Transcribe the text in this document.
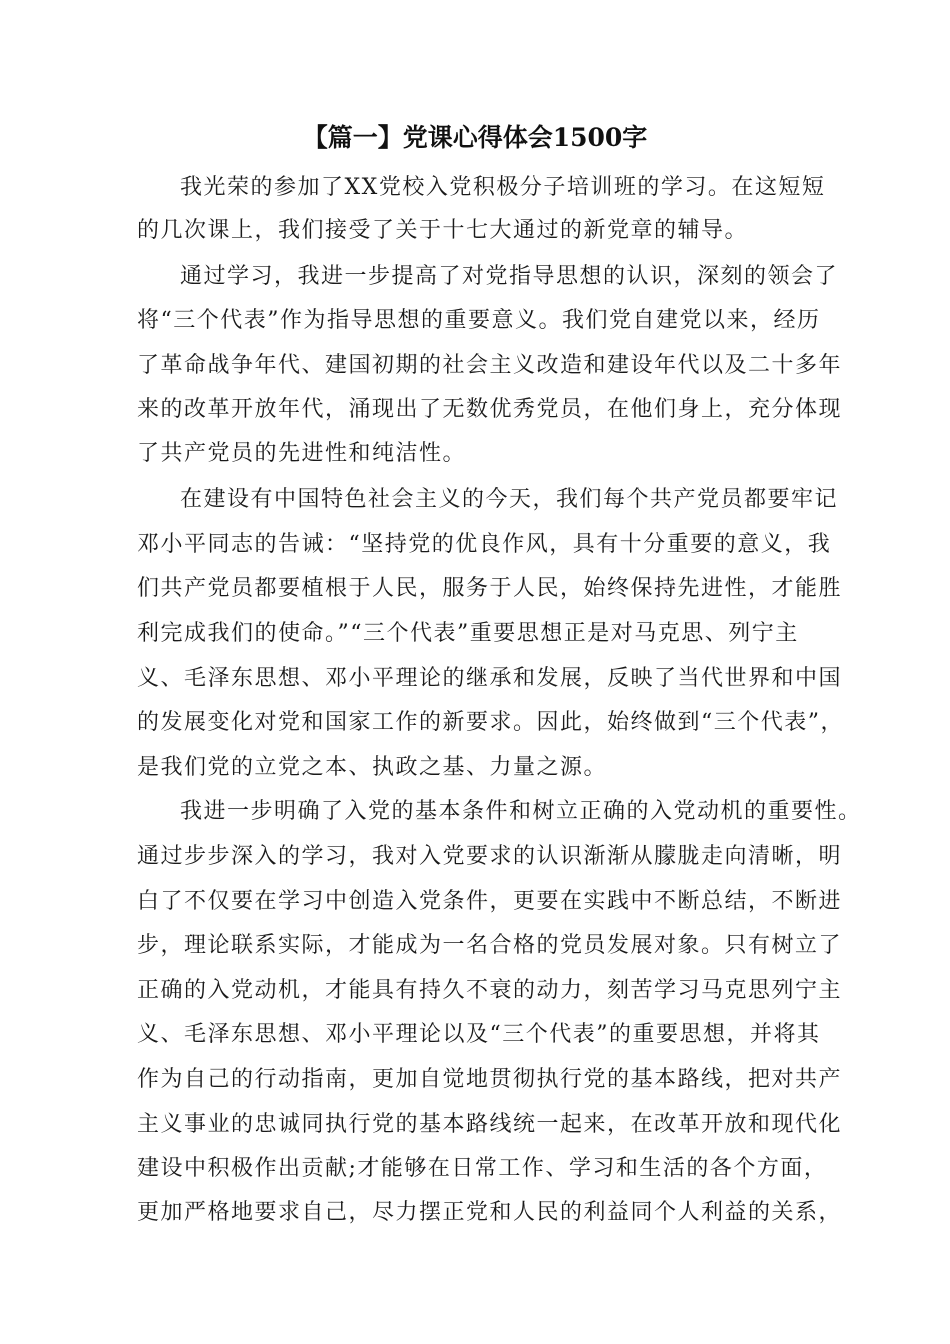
【篇一】党课心得体会1500字
我光荣的参加了XX党校入党积极分子培训班的学习。在这短短
的几次课上，我们接受了关于十七大通过的新党章的辅导。
通过学习，我进一步提高了对党指导思想的认识，深刻的领会了
将“三个代表”作为指导思想的重要意义。我们党自建党以来，经历
了革命战争年代、建国初期的社会主义改造和建设年代以及二十多年
来的改革开放年代，涌现出了无数优秀党员，在他们身上，充分体现
了共产党员的先进性和纯洁性。
在建设有中国特色社会主义的今天，我们每个共产党员都要牢记
邓小平同志的告诫：“坚持党的优良作风，具有十分重要的意义，我
们共产党员都要植根于人民，服务于人民，始终保持先进性，才能胜
利完成我们的使命。”“三个代表”重要思想正是对马克思、列宁主
义、毛泽东思想、邓小平理论的继承和发展，反映了当代世界和中国
的发展变化对党和国家工作的新要求。因此，始终做到“三个代表”，
是我们党的立党之本、执政之基、力量之源。
我进一步明确了入党的基本条件和树立正确的入党动机的重要性。
通过步步深入的学习，我对入党要求的认识渐渐从朦胧走向清晰，明
白了不仅要在学习中创造入党条件，更要在实践中不断总结，不断进
步，理论联系实际，才能成为一名合格的党员发展对象。只有树立了
正确的入党动机，才能具有持久不衰的动力，刻苦学习马克思列宁主
义、毛泽东思想、邓小平理论以及“三个代表”的重要思想，并将其
作为自己的行动指南，更加自觉地贯彻执行党的基本路线，把对共产
主义事业的忠诚同执行党的基本路线统一起来，在改革开放和现代化
建设中积极作出贡献;才能够在日常工作、学习和生活的各个方面，
更加严格地要求自己，尽力摆正党和人民的利益同个人利益的关系，
